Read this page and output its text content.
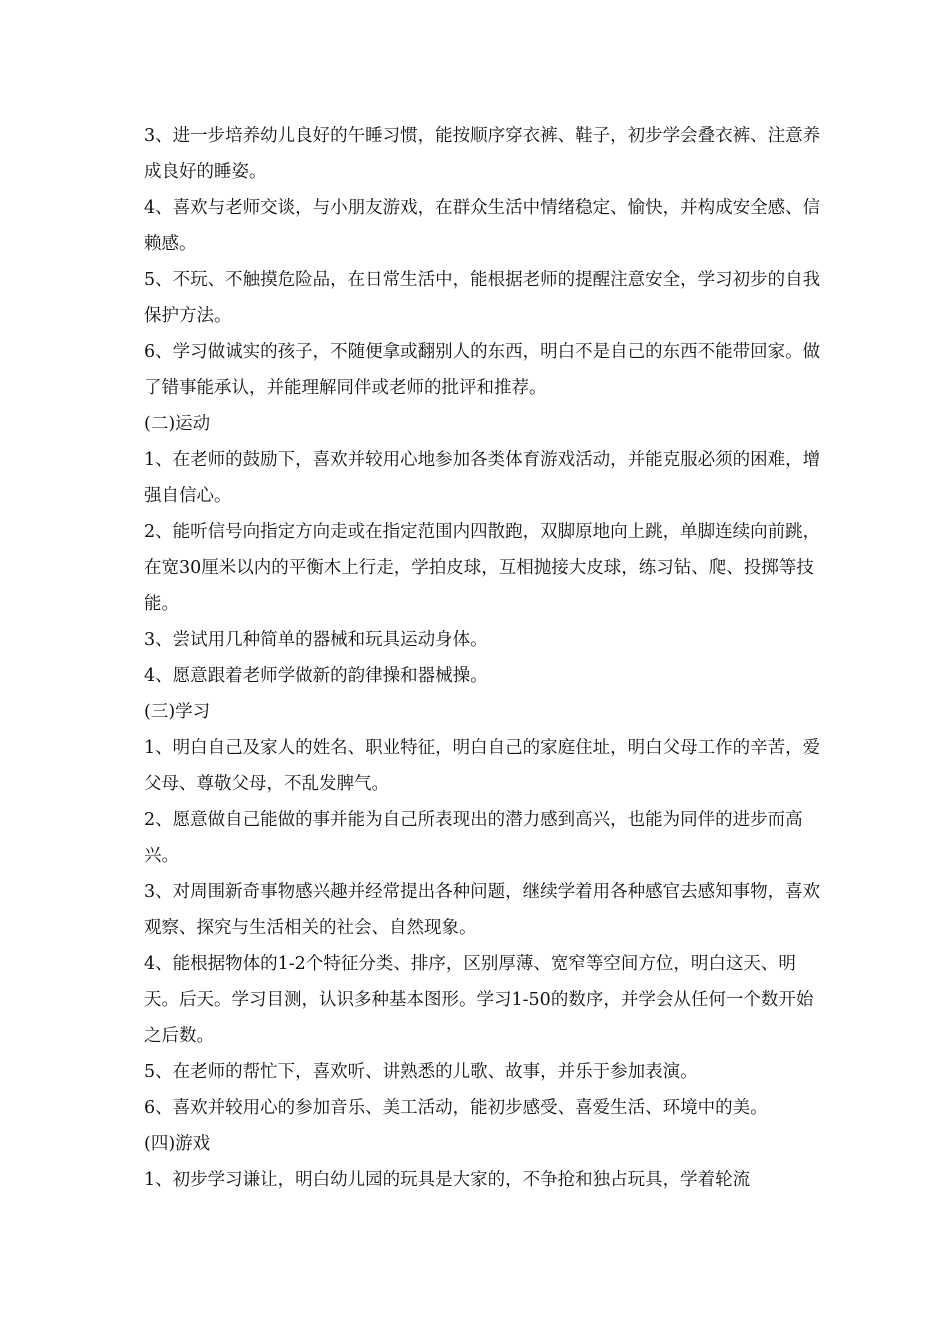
3、进一步培养幼儿良好的午睡习惯，能按顺序穿衣裤、鞋子，初步学会叠衣裤、注意养成良好的睡姿。

4、喜欢与老师交谈，与小朋友游戏，在群众生活中情绪稳定、愉快，并构成安全感、信赖感。

5、不玩、不触摸危险品，在日常生活中，能根据老师的提醒注意安全，学习初步的自我保护方法。

6、学习做诚实的孩子，不随便拿或翻别人的东西，明白不是自己的东西不能带回家。做了错事能承认，并能理解同伴或老师的批评和推荐。

(二)运动

1、在老师的鼓励下，喜欢并较用心地参加各类体育游戏活动，并能克服必须的困难，增强自信心。

2、能听信号向指定方向走或在指定范围内四散跑，双脚原地向上跳，单脚连续向前跳，在宽30厘米以内的平衡木上行走，学拍皮球，互相抛接大皮球，练习钻、爬、投掷等技能。

3、尝试用几种简单的器械和玩具运动身体。

4、愿意跟着老师学做新的韵律操和器械操。

(三)学习

1、明白自己及家人的姓名、职业特征，明白自己的家庭住址，明白父母工作的辛苦，爱父母、尊敬父母，不乱发脾气。

2、愿意做自己能做的事并能为自己所表现出的潜力感到高兴，也能为同伴的进步而高兴。

3、对周围新奇事物感兴趣并经常提出各种问题，继续学着用各种感官去感知事物，喜欢观察、探究与生活相关的社会、自然现象。

4、能根据物体的1-2个特征分类、排序，区别厚薄、宽窄等空间方位，明白这天、明天。后天。学习目测，认识多种基本图形。学习1-50的数序，并学会从任何一个数开始之后数。

5、在老师的帮忙下，喜欢听、讲熟悉的儿歌、故事，并乐于参加表演。

6、喜欢并较用心的参加音乐、美工活动，能初步感受、喜爱生活、环境中的美。

(四)游戏

1、初步学习谦让，明白幼儿园的玩具是大家的，不争抢和独占玩具，学着轮流
